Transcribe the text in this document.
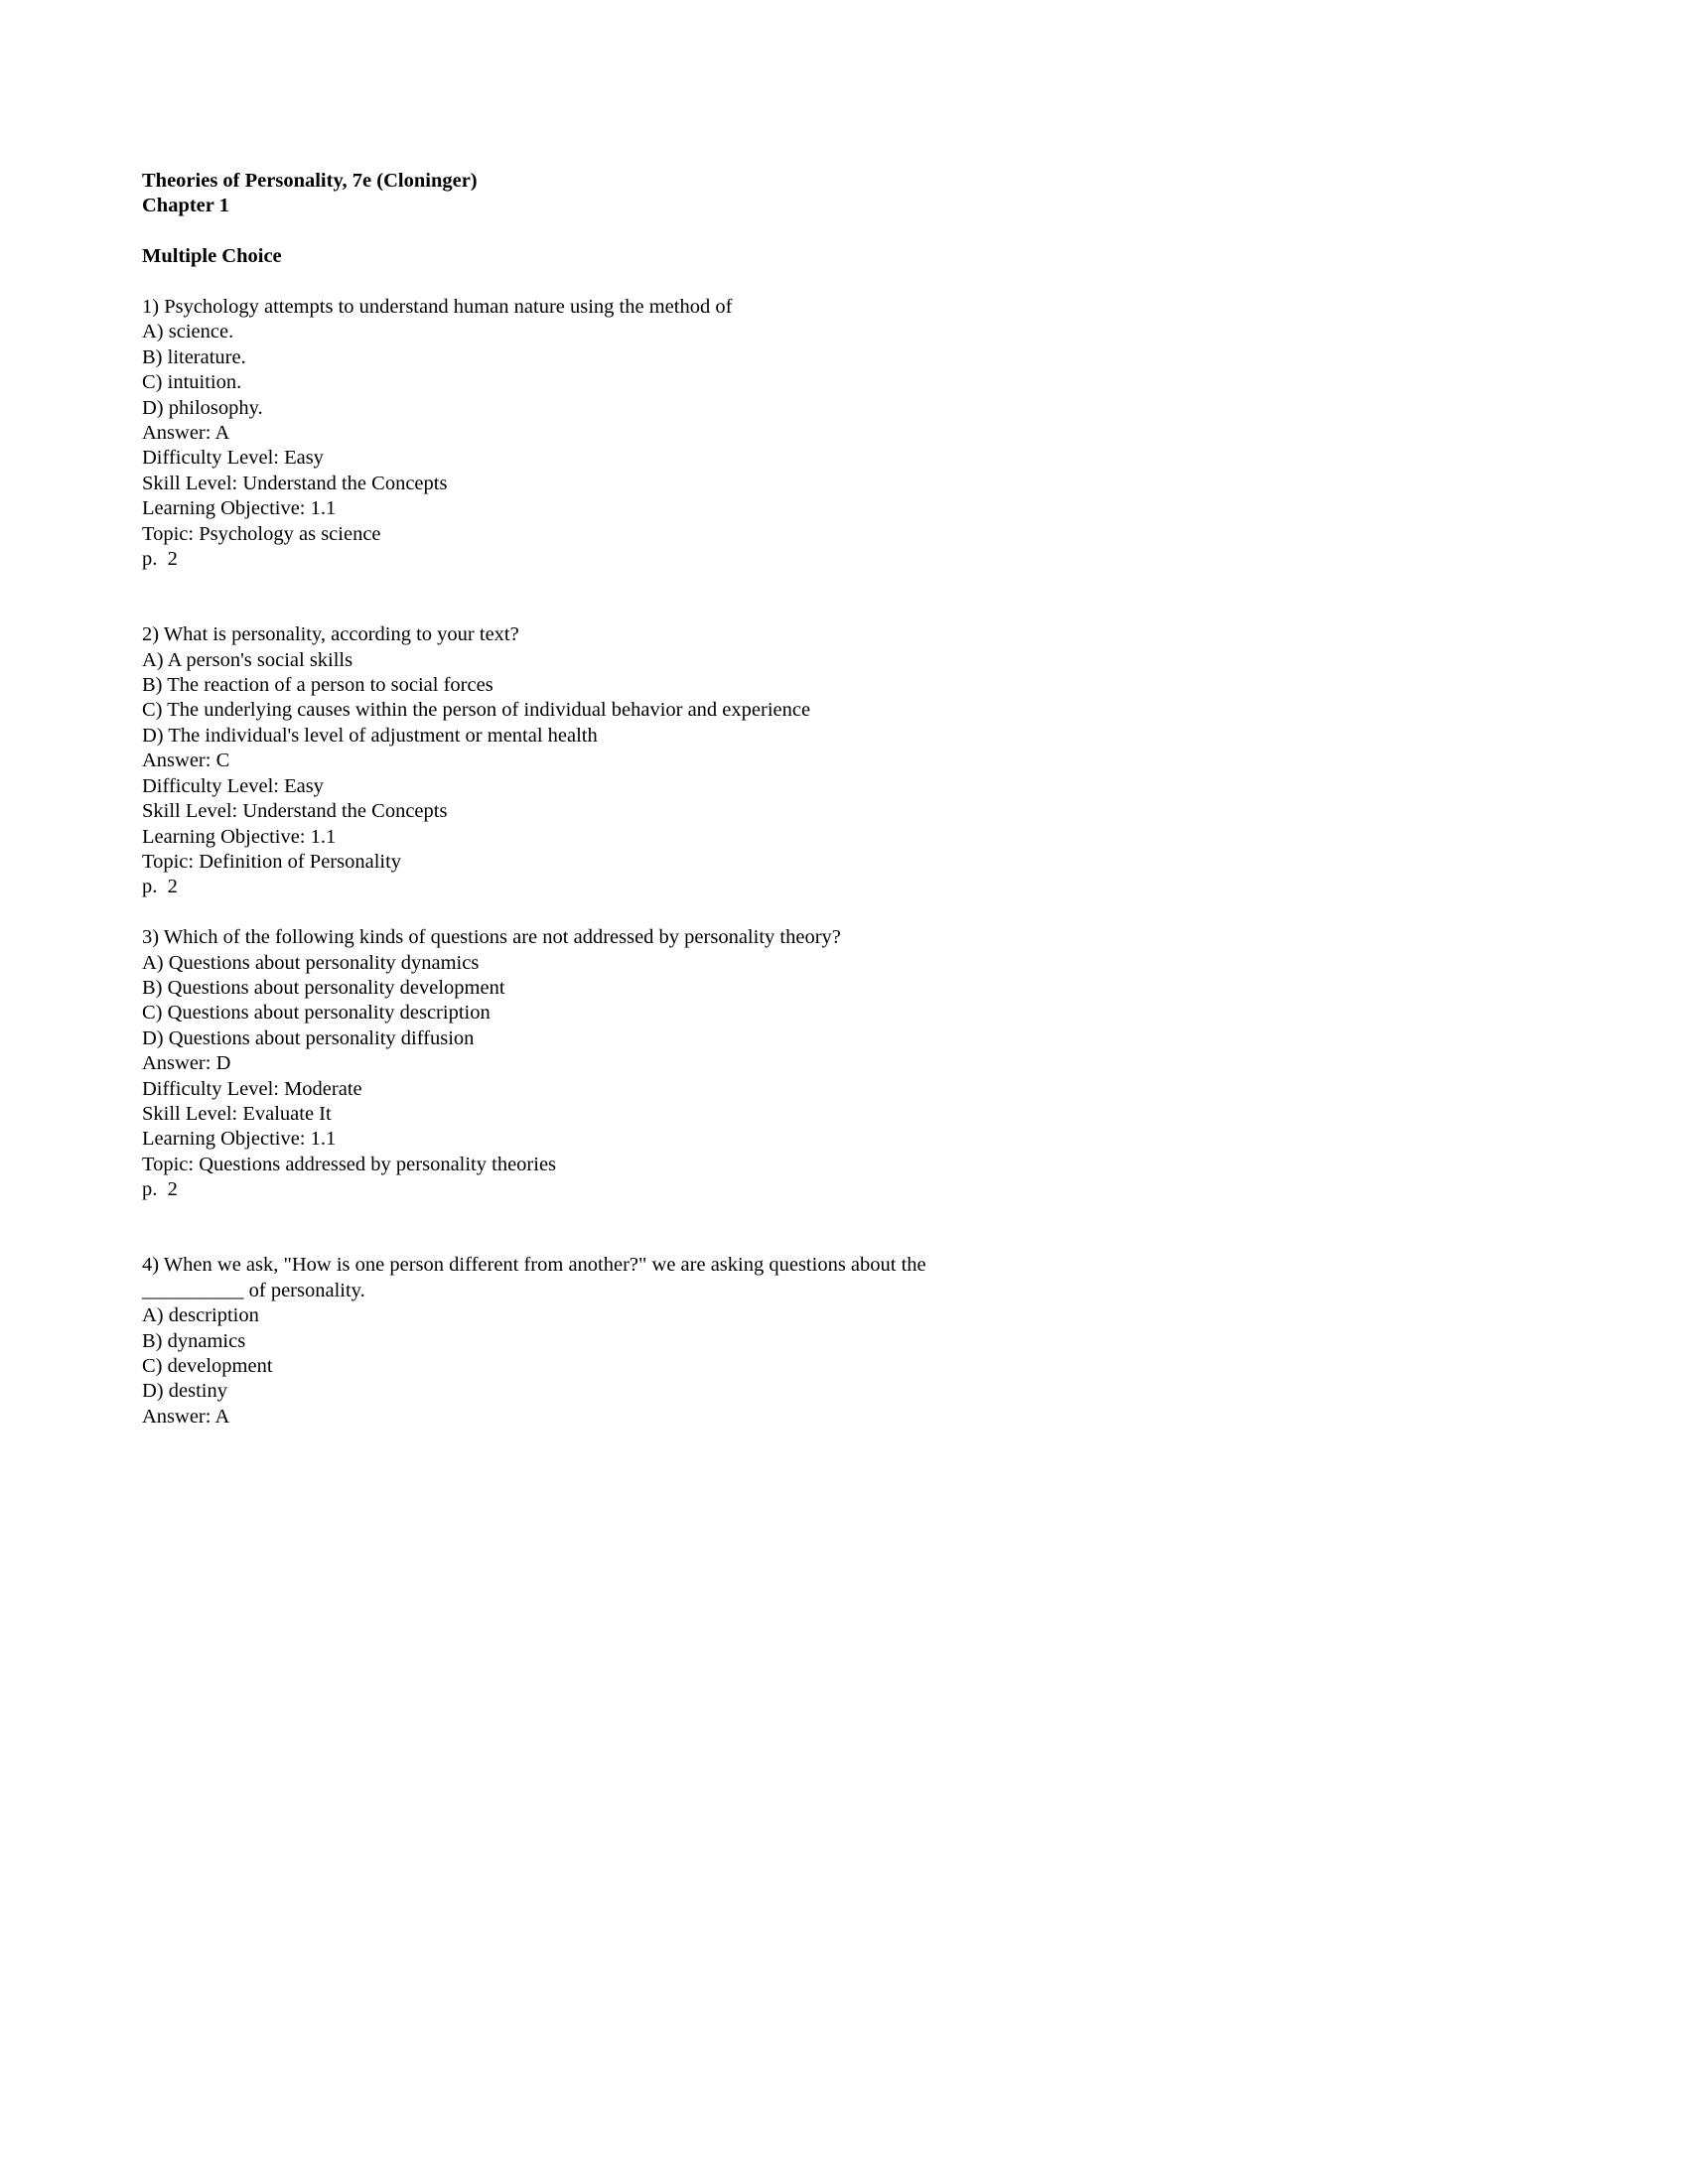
Theories of Personality, 7e (Cloninger)
Chapter 1
Multiple Choice
1) Psychology attempts to understand human nature using the method of
A) science.
B) literature.
C) intuition.
D) philosophy.
Answer: A
Difficulty Level: Easy
Skill Level: Understand the Concepts
Learning Objective: 1.1
Topic: Psychology as science
p.  2
2) What is personality, according to your text?
A) A person's social skills
B) The reaction of a person to social forces
C) The underlying causes within the person of individual behavior and experience
D) The individual's level of adjustment or mental health
Answer: C
Difficulty Level: Easy
Skill Level: Understand the Concepts
Learning Objective: 1.1
Topic: Definition of Personality
p.  2
3) Which of the following kinds of questions are not addressed by personality theory?
A) Questions about personality dynamics
B) Questions about personality development
C) Questions about personality description
D) Questions about personality diffusion
Answer: D
Difficulty Level: Moderate
Skill Level: Evaluate It
Learning Objective: 1.1
Topic: Questions addressed by personality theories
p.  2
4) When we ask, "How is one person different from another?" we are asking questions about the
__________ of personality.
A) description
B) dynamics
C) development
D) destiny
Answer: A
